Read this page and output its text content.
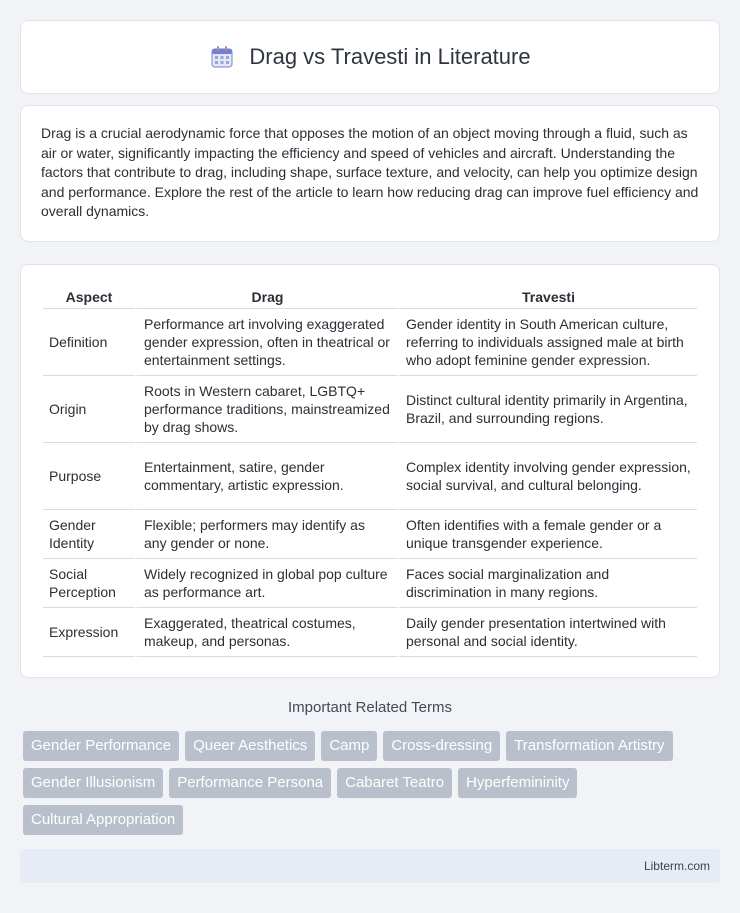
Drag vs Travesti in Literature

Drag is a crucial aerodynamic force that opposes the motion of an object moving through a fluid, such as air or water, significantly impacting the efficiency and speed of vehicles and aircraft. Understanding the factors that contribute to drag, including shape, surface texture, and velocity, can help you optimize design and performance. Explore the rest of the article to learn how reducing drag can improve fuel efficiency and overall dynamics.

Aspect	Drag	Travesti
Definition	Performance art involving exaggerated gender expression, often in theatrical or entertainment settings.	Gender identity in South American culture, referring to individuals assigned male at birth who adopt feminine gender expression.
Origin	Roots in Western cabaret, LGBTQ+ performance traditions, mainstreamized by drag shows.	Distinct cultural identity primarily in Argentina, Brazil, and surrounding regions.
Purpose	Entertainment, satire, gender commentary, artistic expression.	Complex identity involving gender expression, social survival, and cultural belonging.
Gender Identity	Flexible; performers may identify as any gender or none.	Often identifies with a female gender or a unique transgender experience.
Social Perception	Widely recognized in global pop culture as performance art.	Faces social marginalization and discrimination in many regions.
Expression	Exaggerated, theatrical costumes, makeup, and personas.	Daily gender presentation intertwined with personal and social identity.
Important Related Terms
Gender Performance	Queer Aesthetics	Camp	Cross-dressing	Transformation Artistry
Gender Illusionism	Performance Persona	Cabaret Teatro	Hyperfemininity
Cultural Appropriation
Libterm.com
